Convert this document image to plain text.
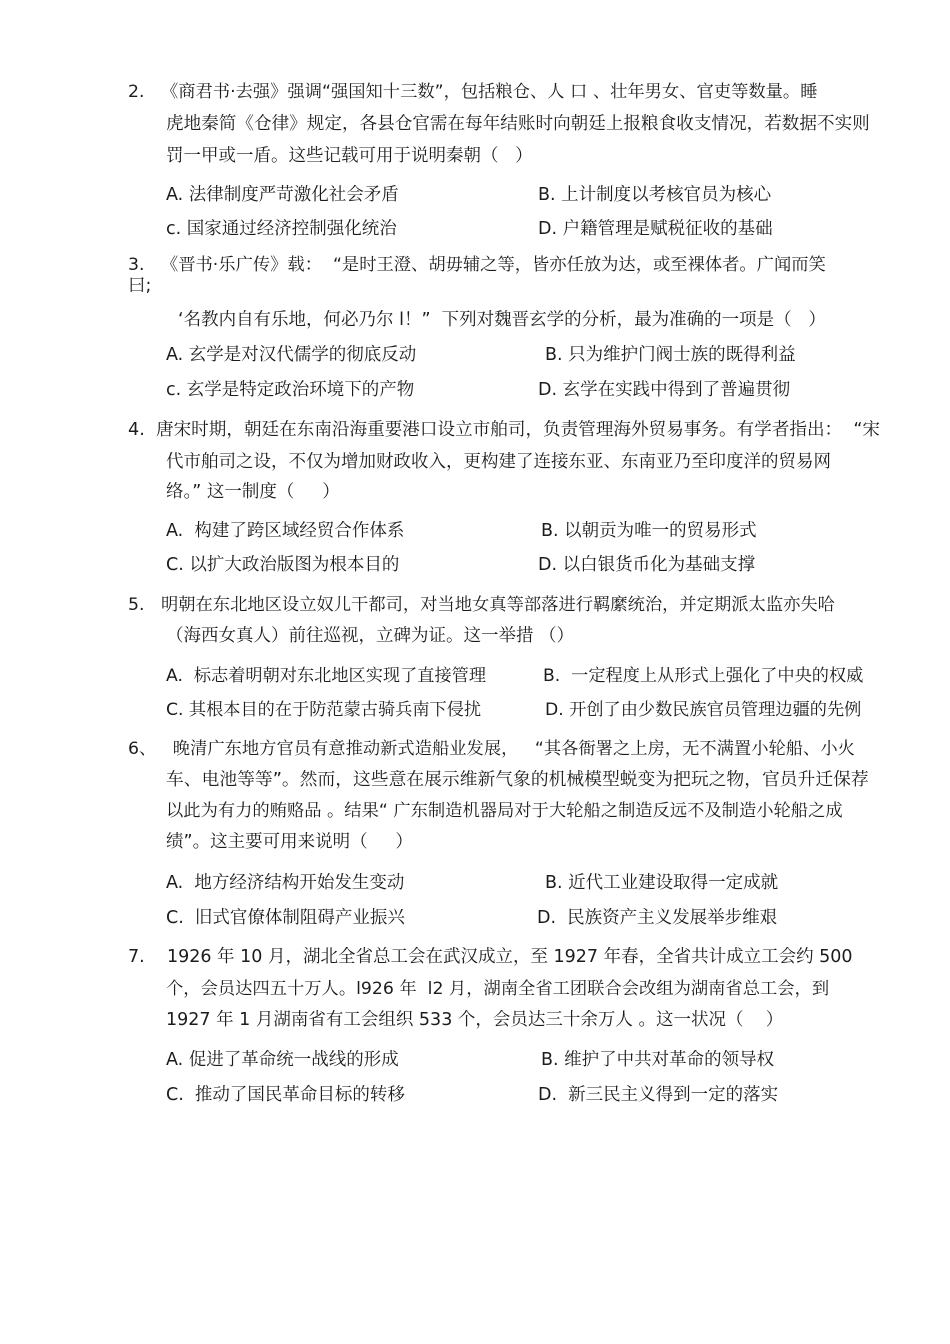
2.   《商君书·去强》强调“强国知十三数”，包括粮仓、人 口 、壮年男女、官吏等数量。睡
虎地秦简《仓律》规定，各县仓官需在每年结账时向朝廷上报粮食收支情况，若数据不实则
罚一甲或一盾。这些记载可用于说明秦朝（   ）
A. 法律制度严苛激化社会矛盾	B. 上计制度以考核官员为核心
c. 国家通过经济控制强化统治	D. 户籍管理是赋税征收的基础
3.   《晋书·乐广传》载：  “是时王澄、胡毋辅之等，皆亦任放为达，或至裸体者。广闻而笑
曰;
‘名教内自有乐地，何必乃尔 l！”  下列对魏晋玄学的分析，最为准确的一项是（   ）
A. 玄学是对汉代儒学的彻底反动	B. 只为维护门阀士族的既得利益
c. 玄学是特定政治环境下的产物	D. 玄学在实践中得到了普遍贯彻
4.  唐宋时期，朝廷在东南沿海重要港口设立市舶司，负责管理海外贸易事务。有学者指出：  “宋
代市舶司之设，不仅为增加财政收入，更构建了连接东亚、东南亚乃至印度洋的贸易网
络。” 这一制度（     ）
A.  构建了跨区域经贸合作体系	B. 以朝贡为唯一的贸易形式
C. 以扩大政治版图为根本目的	D. 以白银货币化为基础支撑
5.   明朝在东北地区设立奴儿干都司，对当地女真等部落进行羁縻统治，并定期派太监亦失哈
（海西女真人）前往巡视，立碑为证。这一举措 （）
A.  标志着明朝对东北地区实现了直接管理	B.  一定程度上从形式上强化了中央的权威
C. 其根本目的在于防范蒙古骑兵南下侵扰	D. 开创了由少数民族官员管理边疆的先例
6、   晚清广东地方官员有意推动新式造船业发展，   “其各衙署之上房，无不满置小轮船、小火
车、电池等等”。然而，这些意在展示维新气象的机械模型蜕变为把玩之物，官员升迁保荐
以此为有力的贿赂品 。结果“ 广东制造机器局对于大轮船之制造反远不及制造小轮船之成
绩”。这主要可用来说明（     ）
A.  地方经济结构开始发生变动	B. 近代工业建设取得一定成就
C.  旧式官僚体制阻碍产业振兴	D.  民族资产主义发展举步维艰
7.    1926 年 10 月，湖北全省总工会在武汉成立，至 1927 年春，全省共计成立工会约 500
个，会员达四五十万人。l926 年  l2 月，湖南全省工团联合会改组为湖南省总工会，到
1927 年 1 月湖南省有工会组织 533 个，会员达三十余万人 。这一状况（    ）
A. 促进了革命统一战线的形成	B. 维护了中共对革命的领导权
C.  推动了国民革命目标的转移	D.  新三民主义得到一定的落实
